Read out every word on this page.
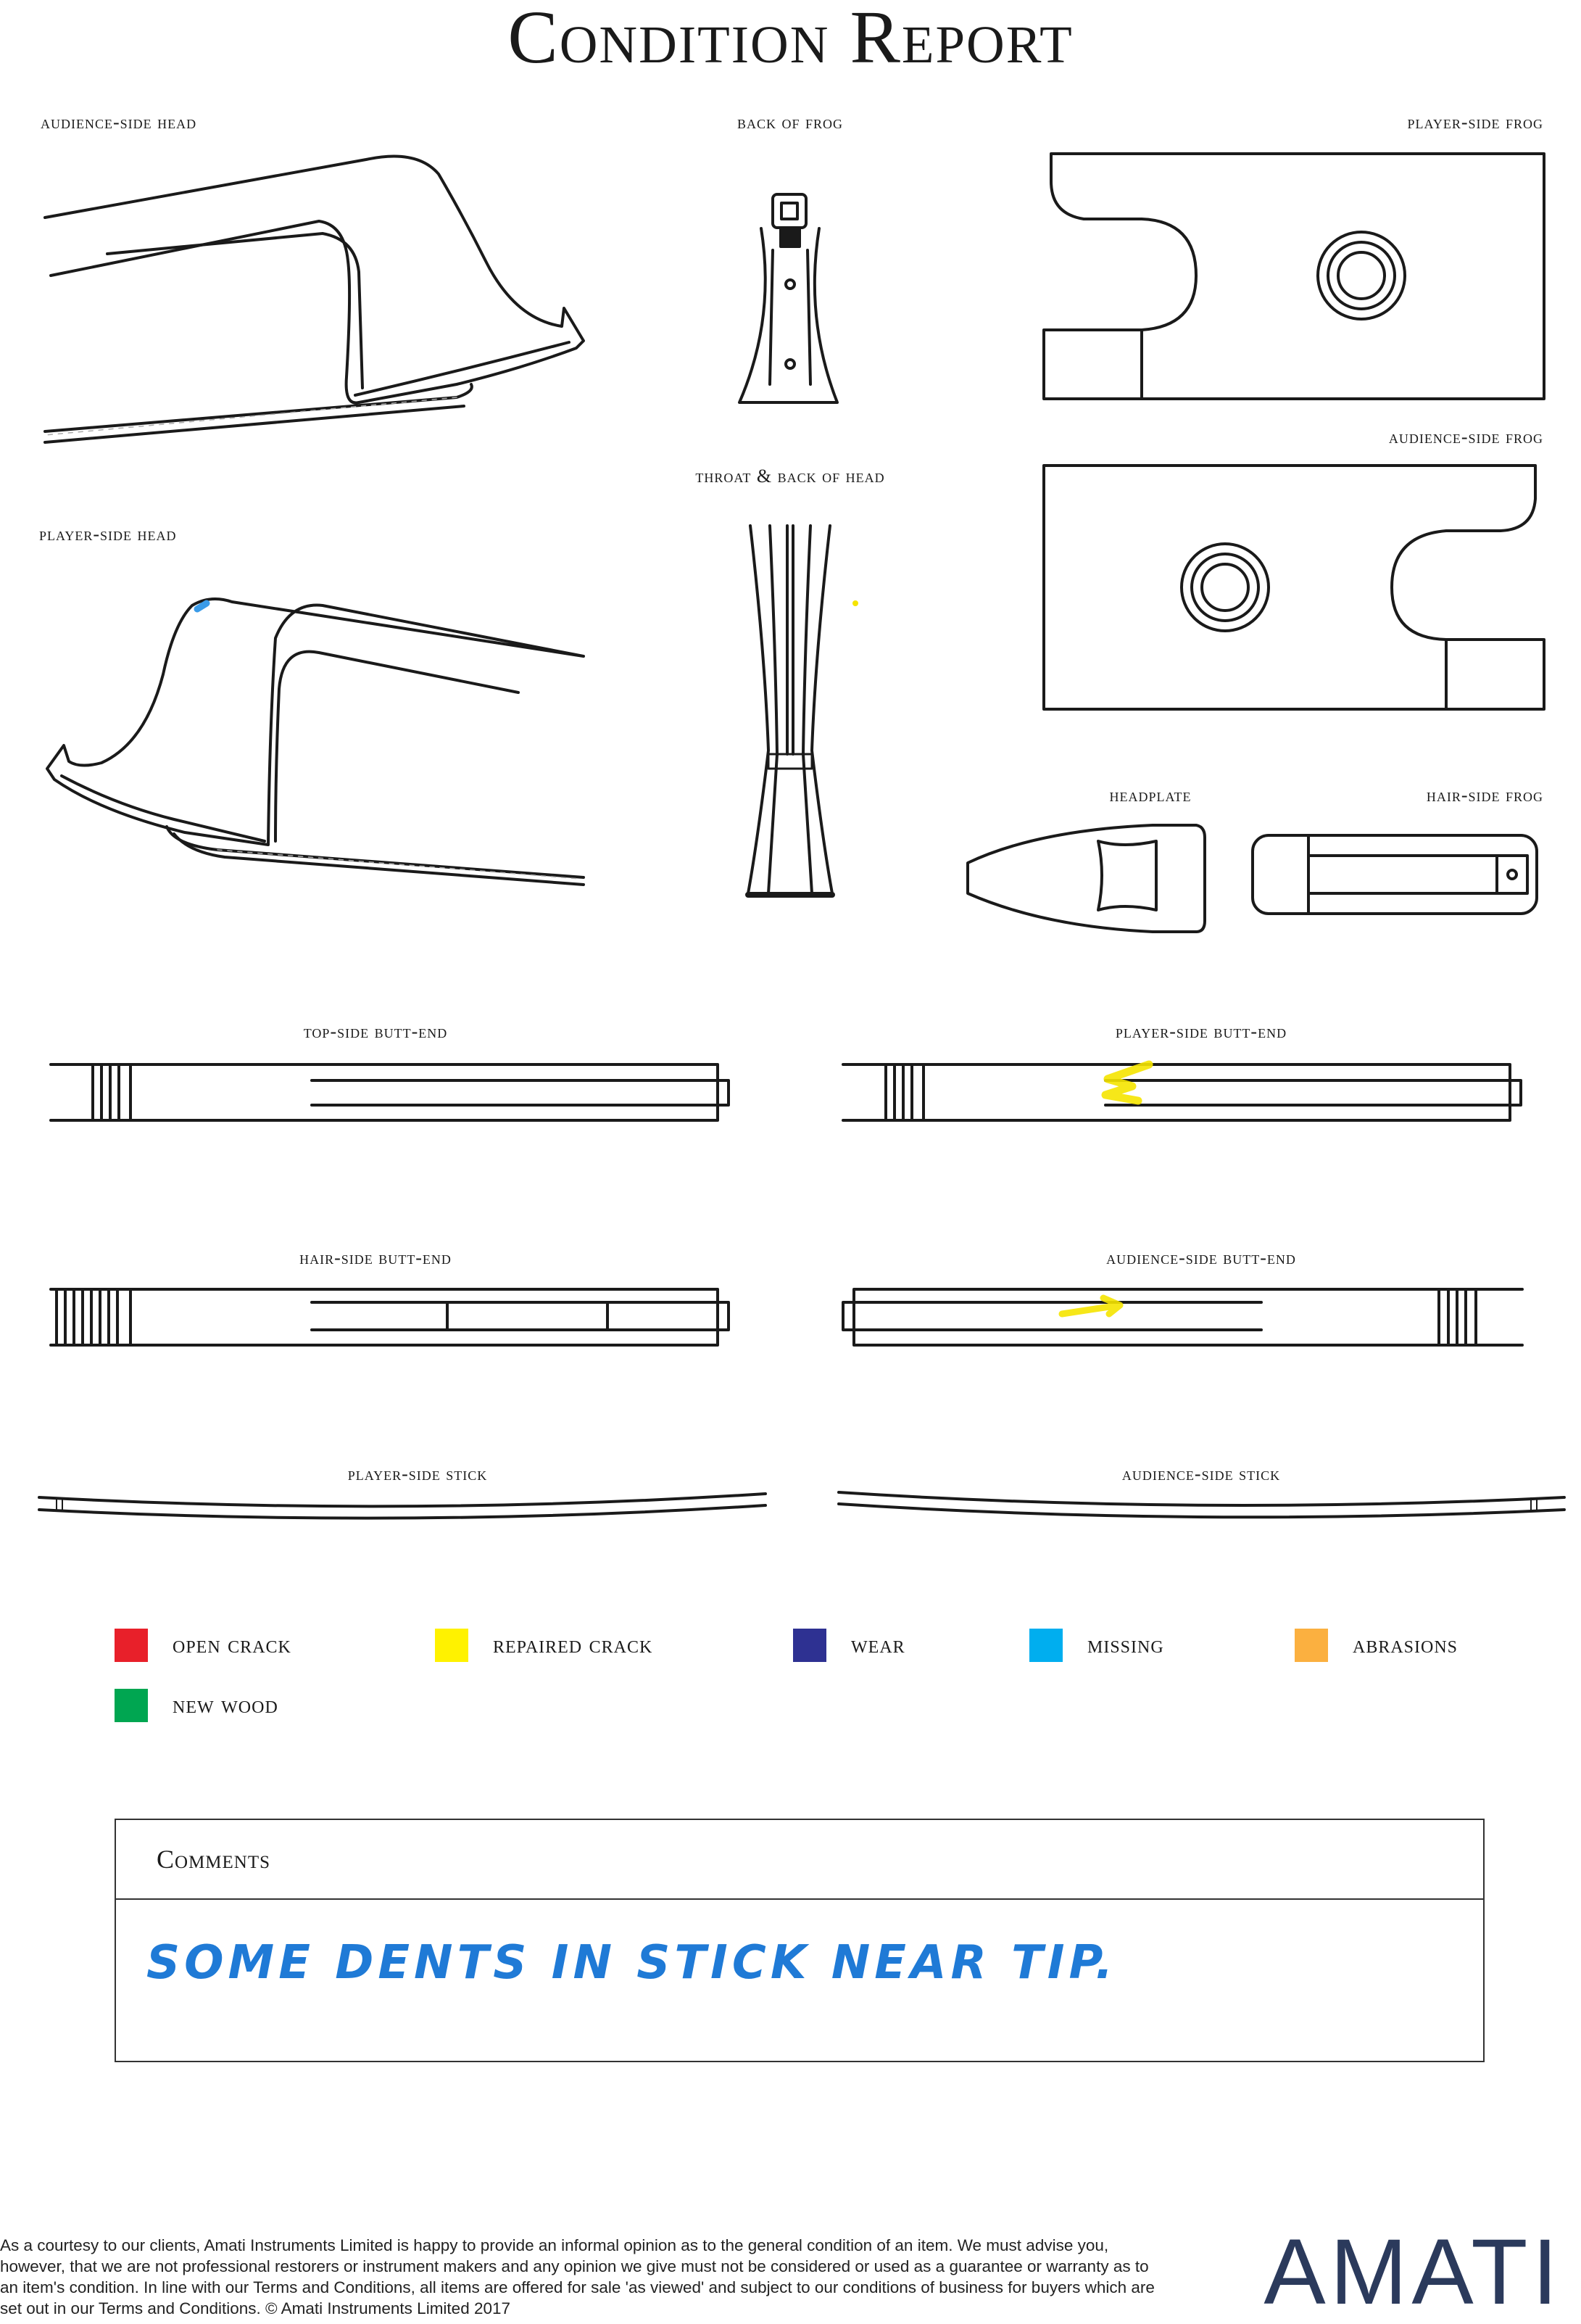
Condition Report
audience-side head	back of frog	player-side frog
audience-side frog
throat & back of head
player-side head
headplate	hair-side frog
top-side butt-end	player-side butt-end
hair-side butt-end	audience-side butt-end
player-side stick	audience-side stick
open crack	repaired crack	wear	missing	abrasions
new wood
Comments
SOME DENTS IN STICK NEAR TIP.
As a courtesy to our clients, Amati Instruments Limited is happy to provide an informal opinion as to the general condition of an item. We must advise you, however, that we are not professional restorers or instrument makers and any opinion we give must not be considered or used as a guarantee or warranty as to an item's condition. In line with our Terms and Conditions, all items are offered for sale 'as viewed' and subject to our conditions of business for buyers which are set out in our Terms and Conditions. © Amati Instruments Limited 2017	AMATI
